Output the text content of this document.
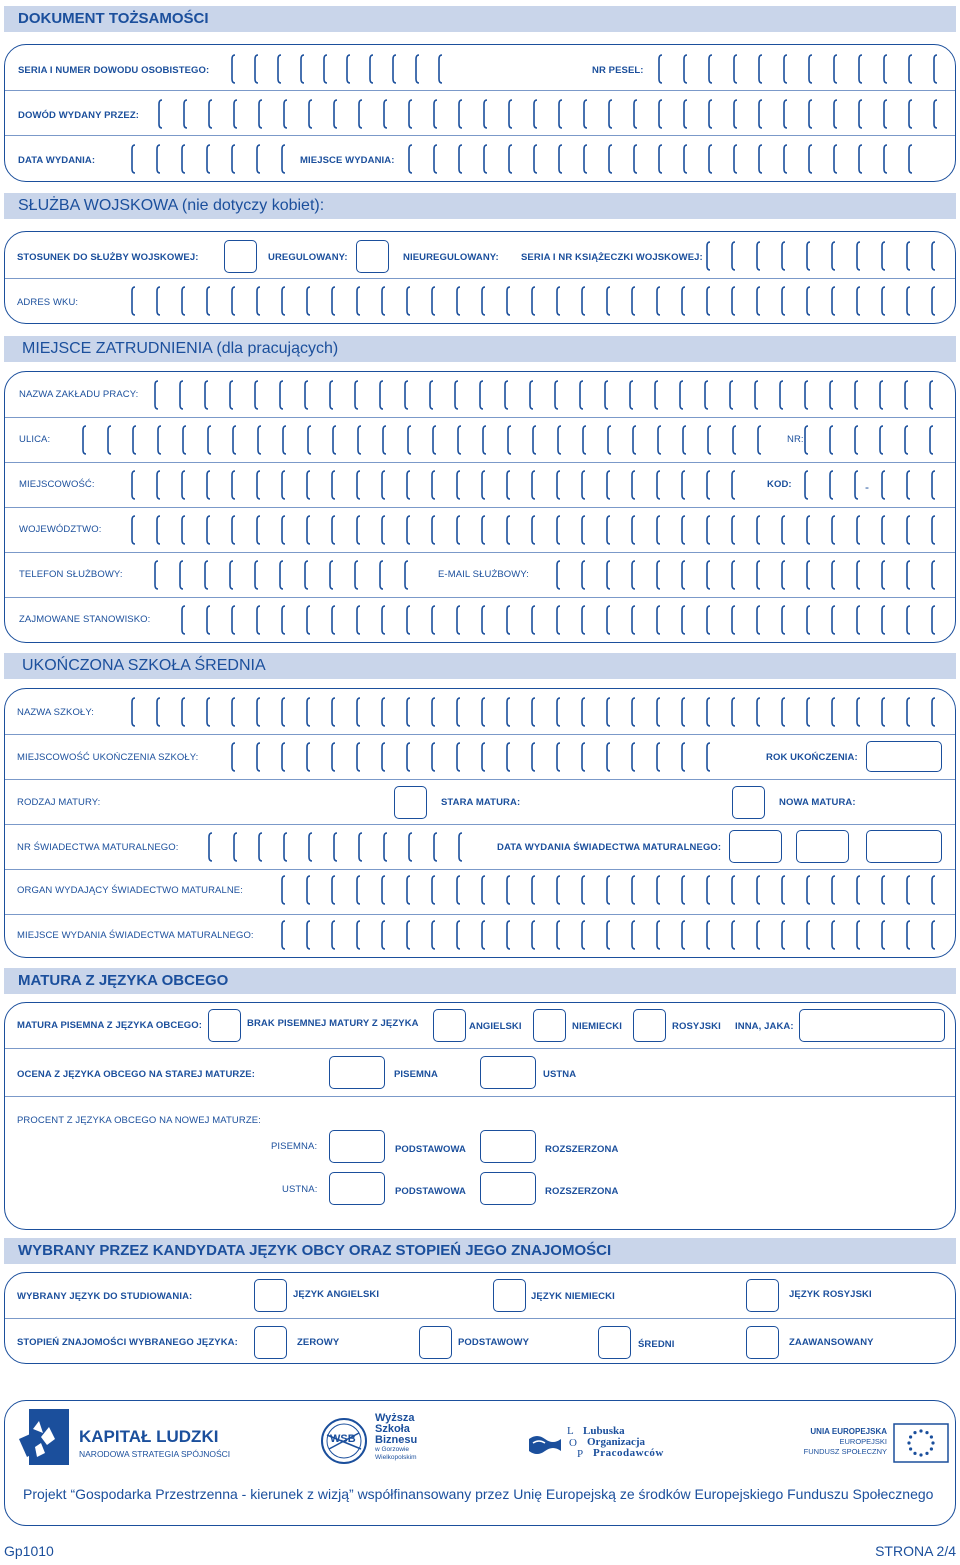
DOKUMENT TOŻSAMOŚCI
SERIA I NUMER DOWODU OSOBISTEGO:	NR PESEL:
DOWÓD WYDANY PRZEZ:
DATA WYDANIA:	MIEJSCE WYDANIA:
SŁUŻBA WOJSKOWA (nie dotyczy kobiet):
STOSUNEK DO SŁUŻBY WOJSKOWEJ:	UREGULOWANY:	NIEUREGULOWANY: SERIA I NR KSIĄŻECZKI WOJSKOWEJ:
ADRES WKU:
MIEJSCE ZATRUDNIENIA (dla pracujących)
NAZWA ZAKŁADU PRACY:
ULICA:	NR:
MIEJSCOWOŚĆ:	KOD:	-
WOJEWÓDZTWO:
TELEFON SŁUŻBOWY:	E-MAIL SŁUŻBOWY:
ZAJMOWANE STANOWISKO:
UKOŃCZONA SZKOŁA ŚREDNIA
NAZWA SZKOŁY:
MIEJSCOWOŚĆ UKOŃCZENIA SZKOŁY:	ROK UKOŃCZENIA:
RODZAJ MATURY:	STARA MATURA:	NOWA MATURA:
NR ŚWIADECTWA MATURALNEGO:	DATA WYDANIA ŚWIADECTWA MATURALNEGO:
ORGAN WYDAJĄCY ŚWIADECTWO MATURALNE:
MIEJSCE WYDANIA ŚWIADECTWA MATURALNEGO:
MATURA Z JĘZYKA OBCEGO
MATURA PISEMNA Z JĘZYKA OBCEGO:	BRAK PISEMNEJ MATURY Z JĘZYKA	ANGIELSKI	NIEMIECKI	ROSYJSKI INNA, JAKA:
OCENA Z JĘZYKA OBCEGO NA STAREJ MATURZE:	PISEMNA	USTNA
PROCENT Z JĘZYKA OBCEGO NA NOWEJ MATURZE:
PISEMNA:	PODSTAWOWA	ROZSZERZONA
USTNA:	PODSTAWOWA	ROZSZERZONA
WYBRANY PRZEZ KANDYDATA JĘZYK OBCY ORAZ STOPIEŃ JEGO ZNAJOMOŚCI
WYBRANY JĘZYK DO STUDIOWANIA:	JĘZYK ANGIELSKI	JĘZYK NIEMIECKI	JĘZYK ROSYJSKI
STOPIEŃ ZNAJOMOŚCI WYBRANEGO JĘZYKA:	ZEROWY	PODSTAWOWY	ŚREDNI	ZAAWANSOWANY
KAPITAŁ LUDZKI
NARODOWA STRATEGIA SPÓJNOŚCI
WSB
Wyższa
Szkoła
Biznesu
w Gorzowie
Wielkopolskim
L
O
P
Lubuska
Organizacja
Pracodawców
UNIA EUROPEJSKA
EUROPEJSKI
FUNDUSZ SPOŁECZNY
Projekt “Gospodarka Przestrzenna - kierunek z wizją” współfinansowany przez Unię Europejską ze środków Europejskiego Funduszu Społecznego
Gp1010	STRONA 2/4
